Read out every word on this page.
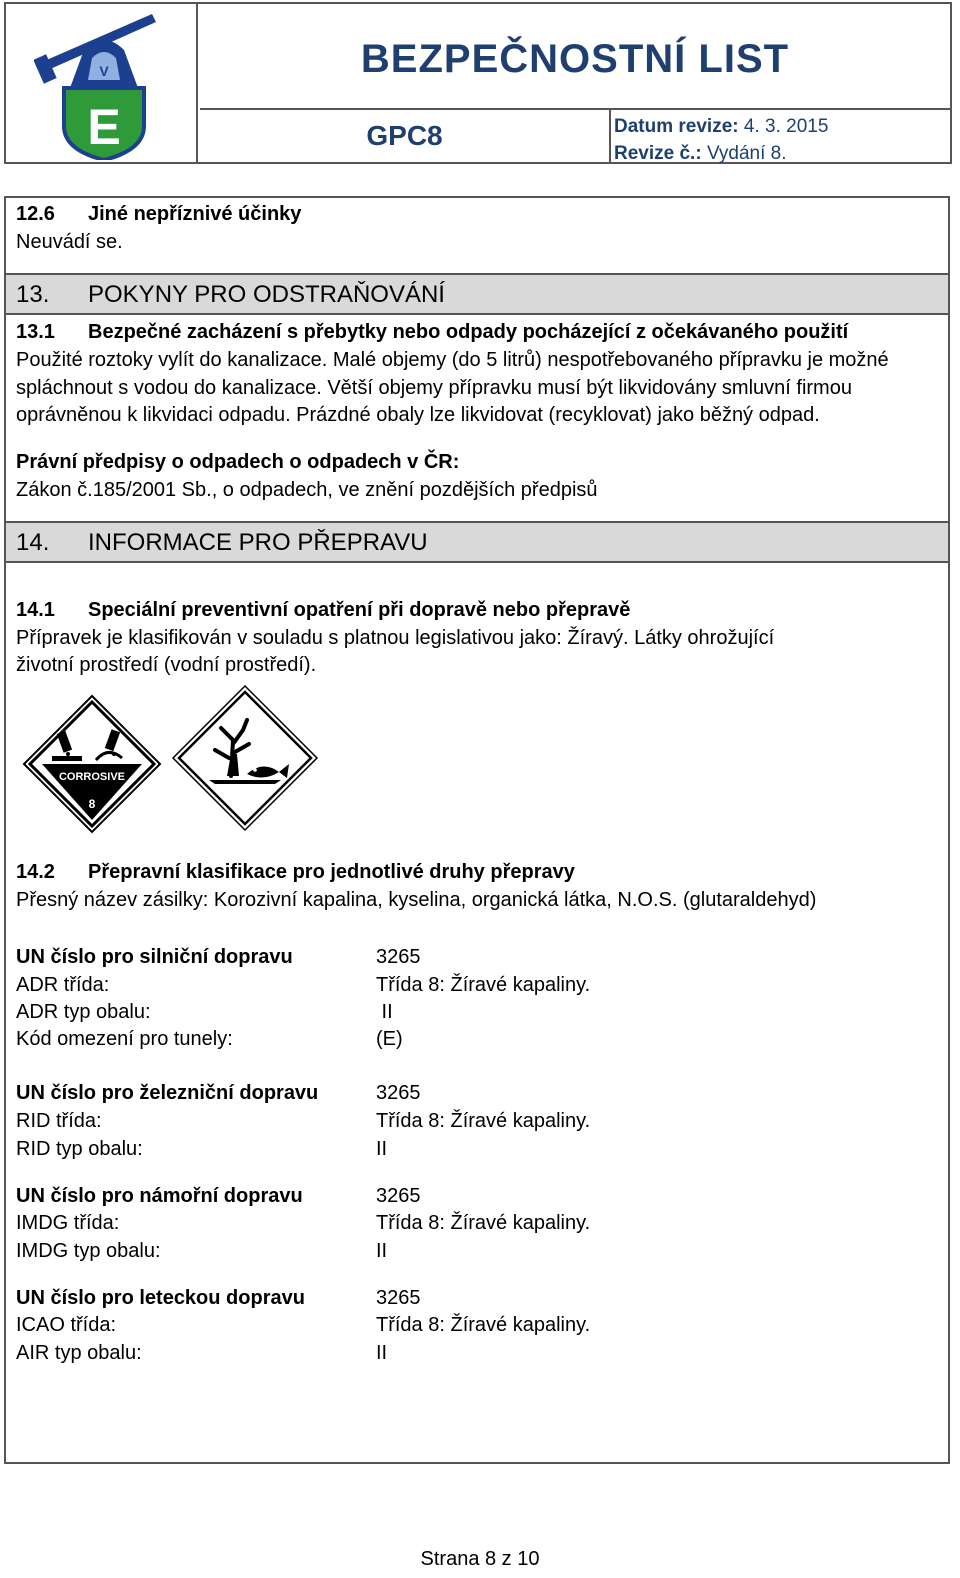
V
E
BEZPEČNOSTNÍ LIST
GPC8	Datum revize: 4. 3. 2015
Revize č.: Vydání 8.
12.6 Jiné nepříznivé účinky
Neuvádí se.
13. POKYNY PRO ODSTRAŇOVÁNÍ
13.1 Bezpečné zacházení s přebytky nebo odpady pocházející z očekávaného použití
Použité roztoky vylít do kanalizace. Malé objemy (do 5 litrů) nespotřebovaného přípravku je možné
spláchnout s vodou do kanalizace. Větší objemy přípravku musí být likvidovány smluvní firmou
oprávněnou k likvidaci odpadu. Prázdné obaly lze likvidovat (recyklovat) jako běžný odpad.
Právní předpisy o odpadech o odpadech v ČR:
Zákon č.185/2001 Sb., o odpadech, ve znění pozdějších předpisů
14. INFORMACE PRO PŘEPRAVU
14.1 Speciální preventivní opatření při dopravě nebo přepravě
Přípravek je klasifikován v souladu s platnou legislativou jako: Žíravý. Látky ohrožující
životní prostředí (vodní prostředí).
CORROSIVE
8
14.2 Přepravní klasifikace pro jednotlivé druhy přepravy
Přesný název zásilky: Korozivní kapalina, kyselina, organická látka, N.O.S. (glutaraldehyd)
UN číslo pro silniční dopravu	3265
ADR třída:	Třída 8: Žíravé kapaliny.
ADR typ obalu:	II
Kód omezení pro tunely:	(E)
UN číslo pro železniční dopravu	3265
RID třída:	Třída 8: Žíravé kapaliny.
RID typ obalu:	II
UN číslo pro námořní dopravu	3265
IMDG třída:	Třída 8: Žíravé kapaliny.
IMDG typ obalu:	II
UN číslo pro leteckou dopravu	3265
ICAO třída:	Třída 8: Žíravé kapaliny.
AIR typ obalu:	II
Strana 8 z 10
